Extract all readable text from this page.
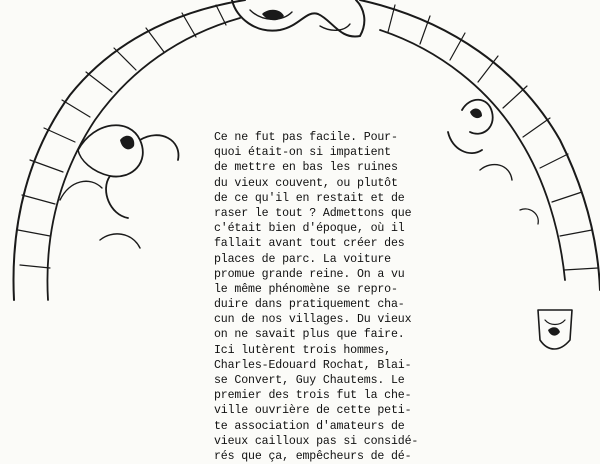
Ce ne fut pas facile. Pour-
quoi était-on si impatient
de mettre en bas les ruines
du vieux couvent, ou plutôt
de ce qu'il en restait et de
raser le tout ? Admettons que
c'était bien d'époque, où il
fallait avant tout créer des
places de parc. La voiture
promue grande reine. On a vu
le même phénomène se repro-
duire dans pratiquement cha-
cun de nos villages. Du vieux
on ne savait plus que faire.
Ici lutèrent trois hommes,
Charles-Edouard Rochat, Blai-
se Convert, Guy Chautems. Le
premier des trois fut la che-
ville ouvrière de cette peti-
te association d'amateurs de
vieux cailloux pas si considé-
rés que ça, empêcheurs de dé-
